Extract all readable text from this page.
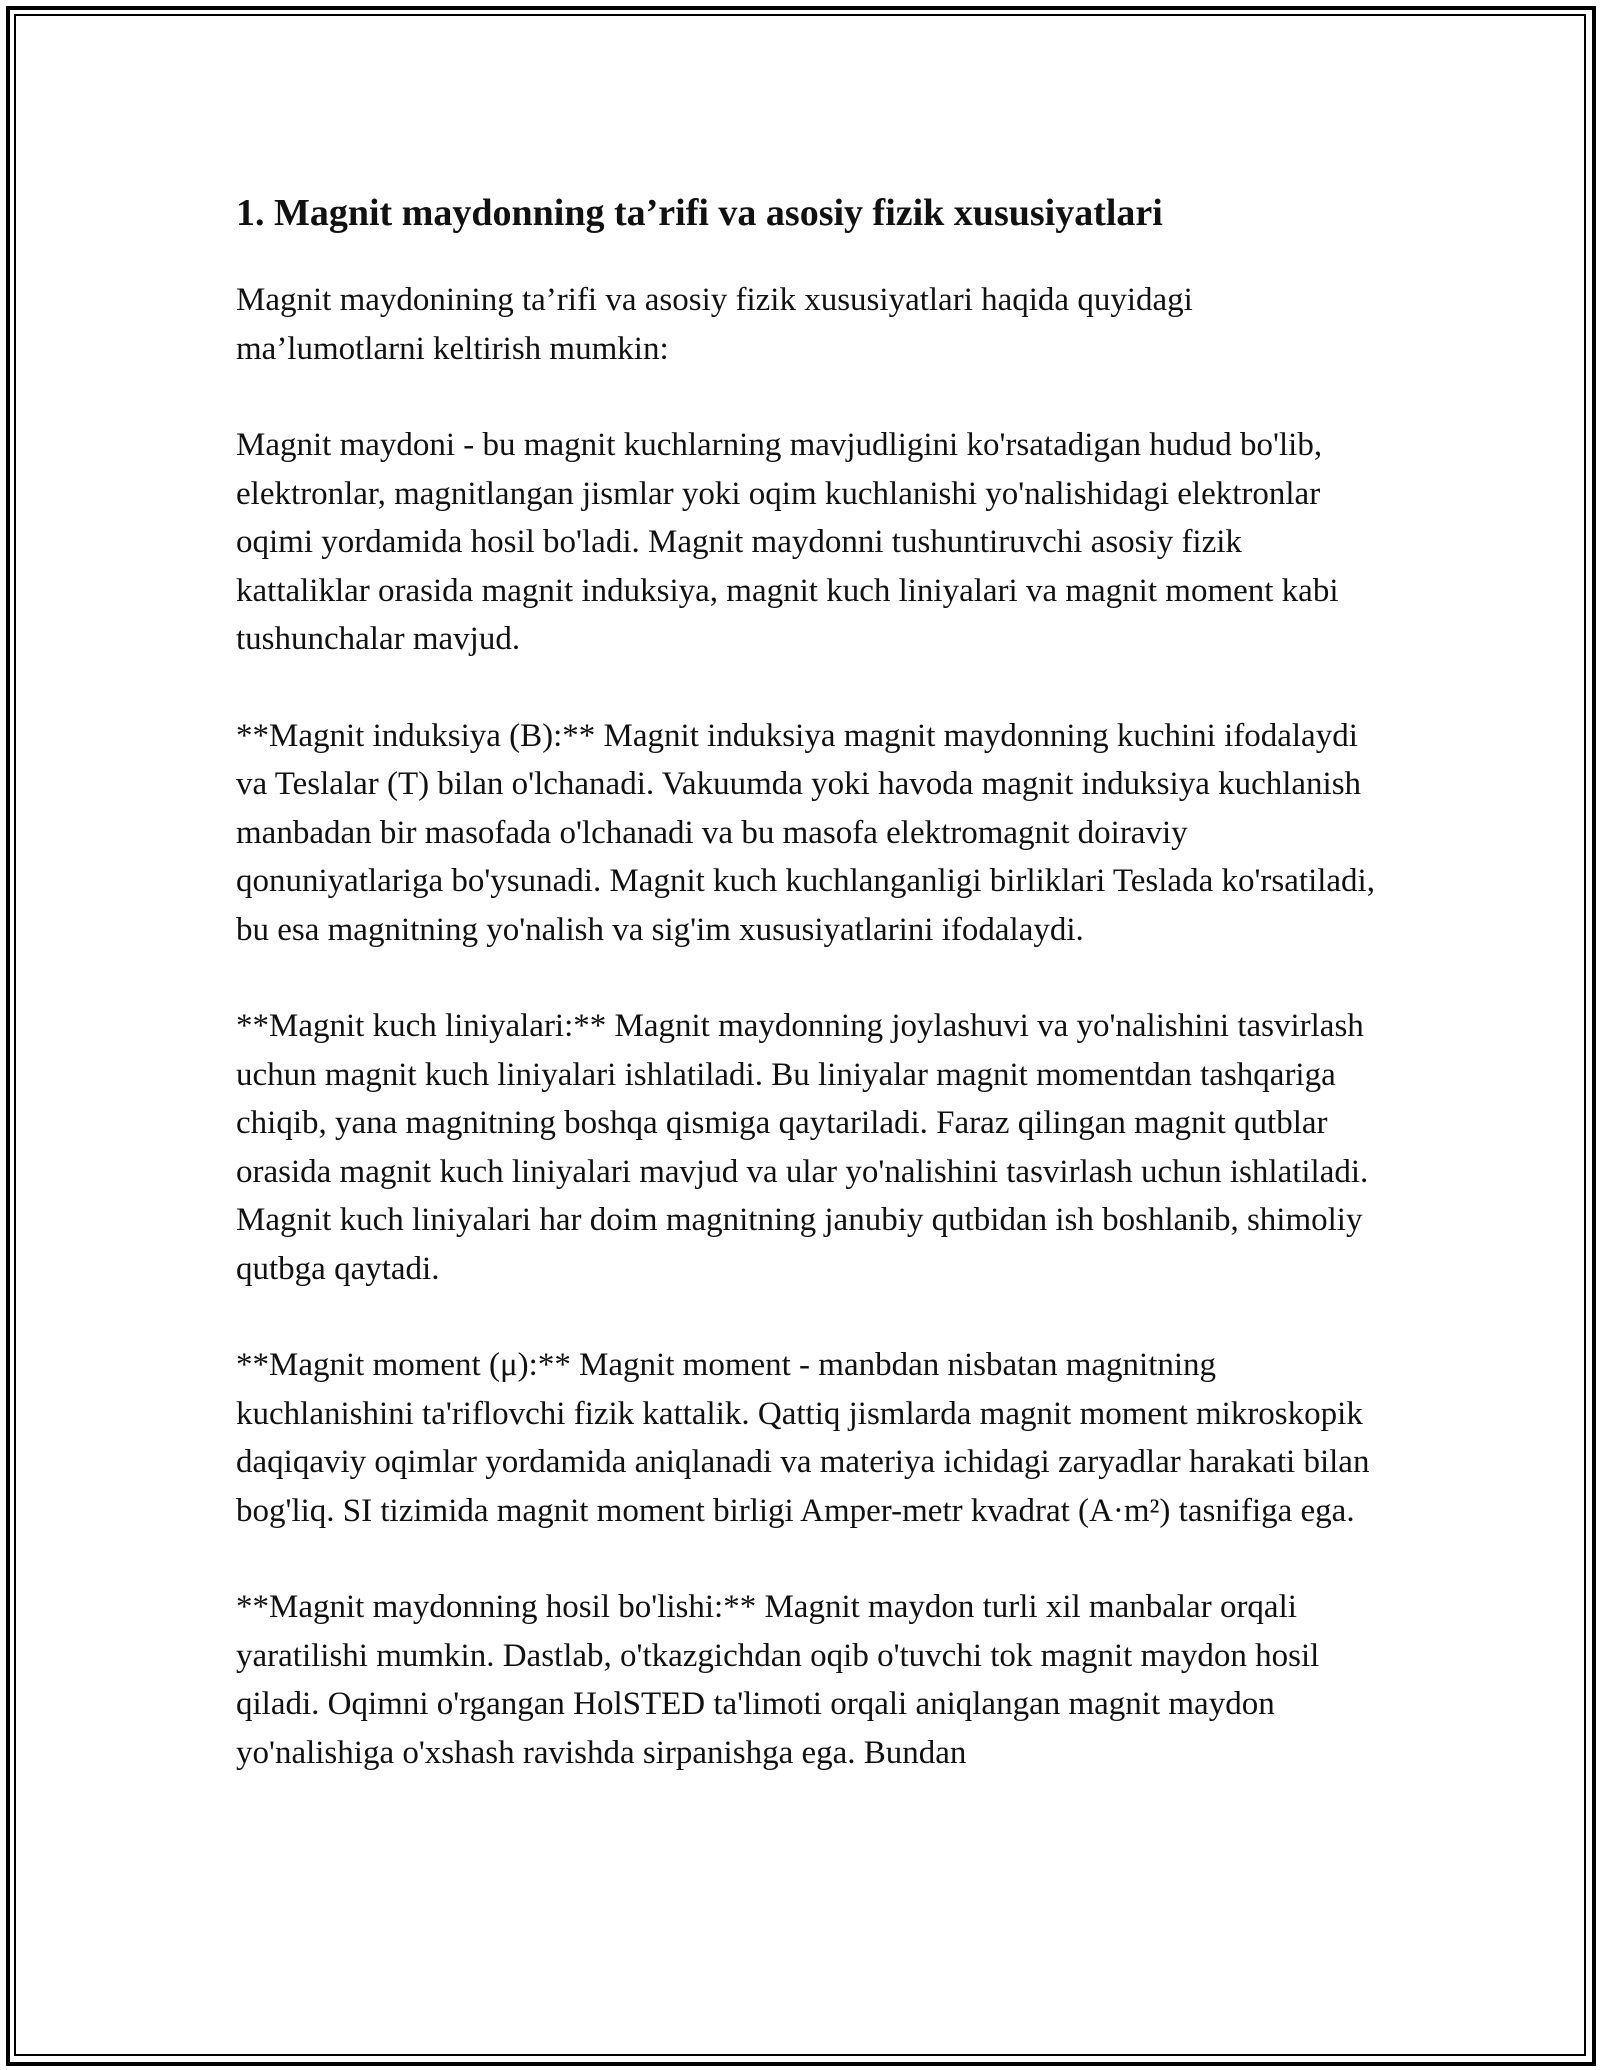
1. Magnit maydonning ta’rifi va asosiy fizik xususiyatlari

Magnit maydonining ta’rifi va asosiy fizik xususiyatlari haqida quyidagi ma’lumotlarni keltirish mumkin:

Magnit maydoni - bu magnit kuchlarning mavjudligini ko'rsatadigan hudud bo'lib, elektronlar, magnitlangan jismlar yoki oqim kuchlanishi yo'nalishidagi elektronlar oqimi yordamida hosil bo'ladi. Magnit maydonni tushuntiruvchi asosiy fizik kattaliklar orasida magnit induksiya, magnit kuch liniyalari va magnit moment kabi tushunchalar mavjud.

**Magnit induksiya (B):** Magnit induksiya magnit maydonning kuchini ifodalaydi va Teslalar (T) bilan o'lchanadi. Vakuumda yoki havoda magnit induksiya kuchlanish manbadan bir masofada o'lchanadi va bu masofa elektromagnit doiraviy qonuniyatlariga bo'ysunadi. Magnit kuch kuchlanganligi birliklari Teslada ko'rsatiladi, bu esa magnitning yo'nalish va sig'im xususiyatlarini ifodalaydi.

**Magnit kuch liniyalari:** Magnit maydonning joylashuvi va yo'nalishini tasvirlash uchun magnit kuch liniyalari ishlatiladi. Bu liniyalar magnit momentdan tashqariga chiqib, yana magnitning boshqa qismiga qaytariladi. Faraz qilingan magnit qutblar orasida magnit kuch liniyalari mavjud va ular yo'nalishini tasvirlash uchun ishlatiladi. Magnit kuch liniyalari har doim magnitning janubiy qutbidan ish boshlanib, shimoliy qutbga qaytadi.

**Magnit moment (μ):** Magnit moment - manbdan nisbatan magnitning kuchlanishini ta'riflovchi fizik kattalik. Qattiq jismlarda magnit moment mikroskopik daqiqaviy oqimlar yordamida aniqlanadi va materiya ichidagi zaryadlar harakati bilan bog'liq. SI tizimida magnit moment birligi Amper-metr kvadrat (A·m²) tasnifiga ega.

**Magnit maydonning hosil bo'lishi:** Magnit maydon turli xil manbalar orqali yaratilishi mumkin. Dastlab, o'tkazgichdan oqib o'tuvchi tok magnit maydon hosil qiladi. Oqimni o'rgangan HolSTED ta'limoti orqali aniqlangan magnit maydon yo'nalishiga o'xshash ravishda sirpanishga ega. Bundan
